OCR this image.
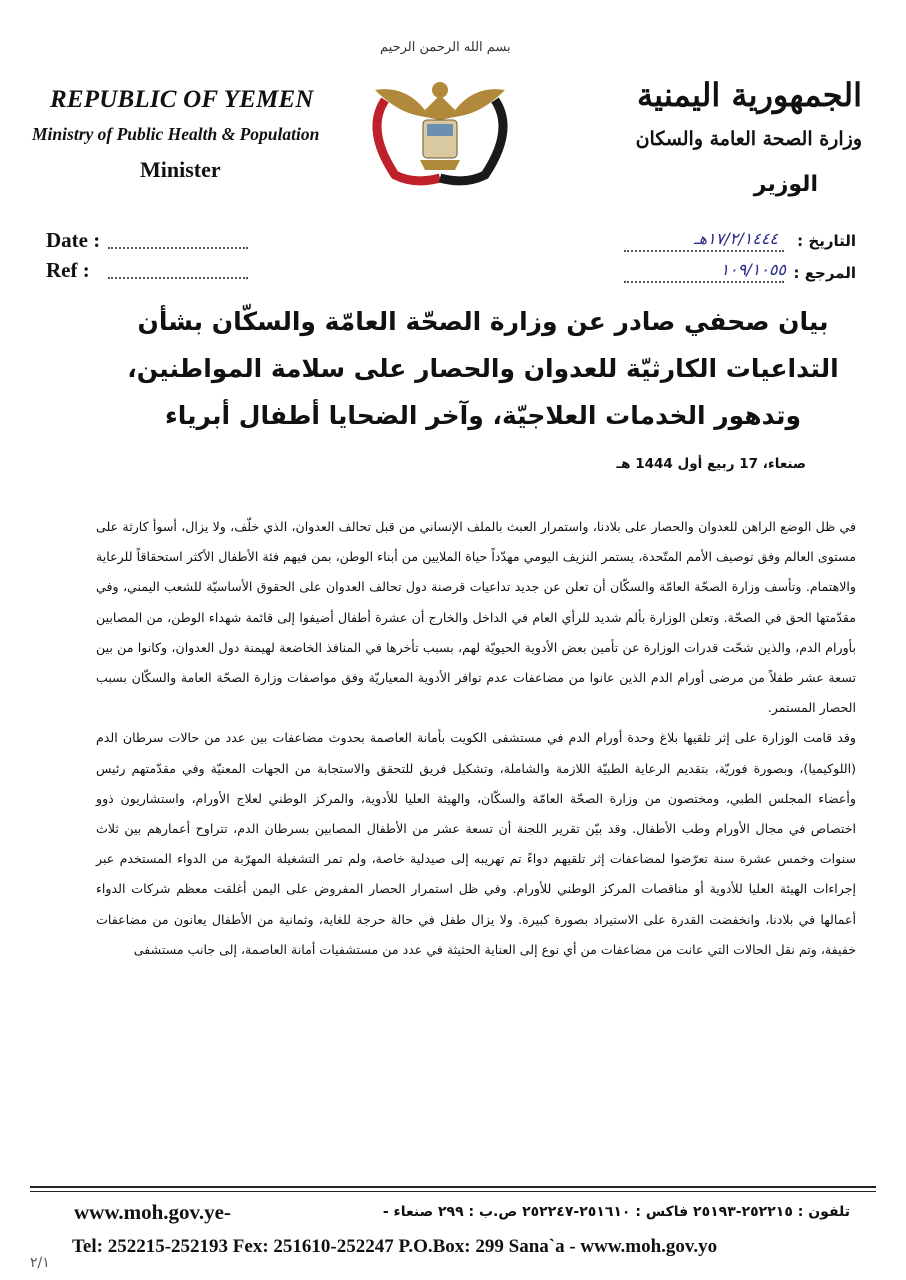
بسم الله الرحمن الرحيم
REPUBLIC OF YEMEN
Ministry of Public Health & Population
Minister
الجمهورية اليمنية
وزارة الصحة العامة والسكان
الوزير
Date :
Ref :
التاريخ :
١٧/٢/١٤٤٤هـ
المرجع :
١٠٩/١٠٥٥
بيان صحفي صادر عن وزارة الصحّة العامّة والسكّان بشأن التداعيات الكارثيّة للعدوان والحصار على سلامة المواطنين، وتدهور الخدمات العلاجيّة، وآخر الضحايا أطفال أبرياء
صنعاء، 17 ربيع أول 1444 هـ

في ظل الوضع الراهن للعدوان والحصار على بلادنا، واستمرار العبث بالملف الإنساني من قبل تحالف العدوان، الذي خلّف، ولا يزال، أسوأ كارثة على مستوى العالم وفق توصيف الأمم المتّحدة، يستمر النزيف اليومي مهدّداً حياة الملايين من أبناء الوطن، بمن فيهم فئة الأطفال الأكثر استحقاقاً للرعاية والاهتمام. وتأسف وزارة الصحّة العامّة والسكّان أن تعلن عن جديد تداعيات قرصنة دول تحالف العدوان على الحقوق الأساسيّة للشعب اليمني، وفي مقدّمتها الحق في الصحّة. وتعلن الوزارة بألم شديد للرأي العام في الداخل والخارج أن عشرة أطفال أضيفوا إلى قائمة شهداء الوطن، من المصابين بأورام الدم، والذين شحّت قدرات الوزارة عن تأمين بعض الأدوية الحيويّة لهم، بسبب تأخرها في المنافذ الخاضعة لهيمنة دول العدوان، وكانوا من بين تسعة عشر طفلاً من مرضى أورام الدم الذين عانوا من مضاعفات عدم توافر الأدوية المعياريّة وفق مواصفات وزارة الصحّة العامة والسكّان بسبب الحصار المستمر.

وقد قامت الوزارة على إثر تلقيها بلاغ وحدة أورام الدم في مستشفى الكويت بأمانة العاصمة بحدوث مضاعفات بين عدد من حالات سرطان الدم (اللوكيميا)، وبصورة فوريّة، بتقديم الرعاية الطبيّة اللازمة والشاملة، وتشكيل فريق للتحقق والاستجابة من الجهات المعنيّة وفي مقدّمتهم رئيس وأعضاء المجلس الطبي، ومختصون من وزارة الصحّة العامّة والسكّان، والهيئة العليا للأدوية، والمركز الوطني لعلاج الأورام، واستشاريون ذوو اختصاص في مجال الأورام وطب الأطفال. وقد بيّن تقرير اللجنة أن تسعة عشر من الأطفال المصابين بسرطان الدم، تتراوح أعمارهم بين ثلاث سنوات وخمس عشرة سنة تعرّضوا لمضاعفات إثر تلقيهم دواءً تم تهريبه إلى صيدلية خاصة، ولم تمر التشغيلة المهرّبة من الدواء المستخدم عبر إجراءات الهيئة العليا للأدوية أو مناقصات المركز الوطني للأورام. وفي ظل استمرار الحصار المفروض على اليمن أغلقت معظم شركات الدواء أعمالها في بلادنا، وانخفضت القدرة على الاستيراد بصورة كبيرة. ولا يزال طفل في حالة حرجة للغاية، وثمانية من الأطفال يعانون من مضاعفات خفيفة، وتم نقل الحالات التي عانت من مضاعفات من أي نوع إلى العناية الحثيثة في عدد من مستشفيات أمانة العاصمة، إلى جانب مستشفى

www.moh.gov.ye-	تلفون : ٢٥٢٢١٥-٢٥١٩٣ فاكس : ٢٥١٦١٠-٢٥٢٢٤٧ ص.ب : ٢٩٩ صنعاء -
Tel: 252215-252193 Fex: 251610-252247 P.O.Box: 299 Sana`a - www.moh.gov.yo
٢/١
